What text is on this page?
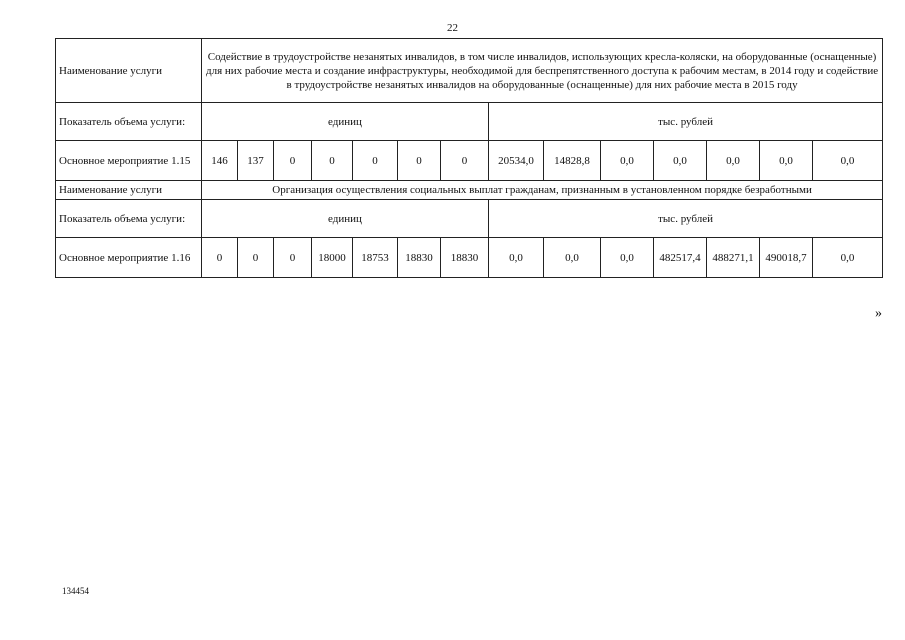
22
Наименование услуги	Содействие в трудоустройстве незанятых инвалидов, в том числе инвалидов, использующих кресла-коляски, на оборудованные (оснащенные) для них рабочие места и создание инфраструктуры, необходимой для беспрепятственного доступа к рабочим местам, в 2014 году и содействие в трудоустройстве незанятых инвалидов на оборудованные (оснащенные) для них рабочие места в 2015 году													
Показатель объема услуги:	единиц							тыс. рублей						
Основное мероприятие 1.15	146	137	0	0	0	0	0	20534,0	14828,8	0,0	0,0	0,0	0,0	0,0
Наименование услуги	Организация осуществления социальных выплат гражданам, признанным в установленном порядке безработными													
Показатель объема услуги:	единиц							тыс. рублей						
Основное мероприятие 1.16	0	0	0	18000	18753	18830	18830	0,0	0,0	0,0	482517,4	488271,1	490018,7	0,0
»
134454
